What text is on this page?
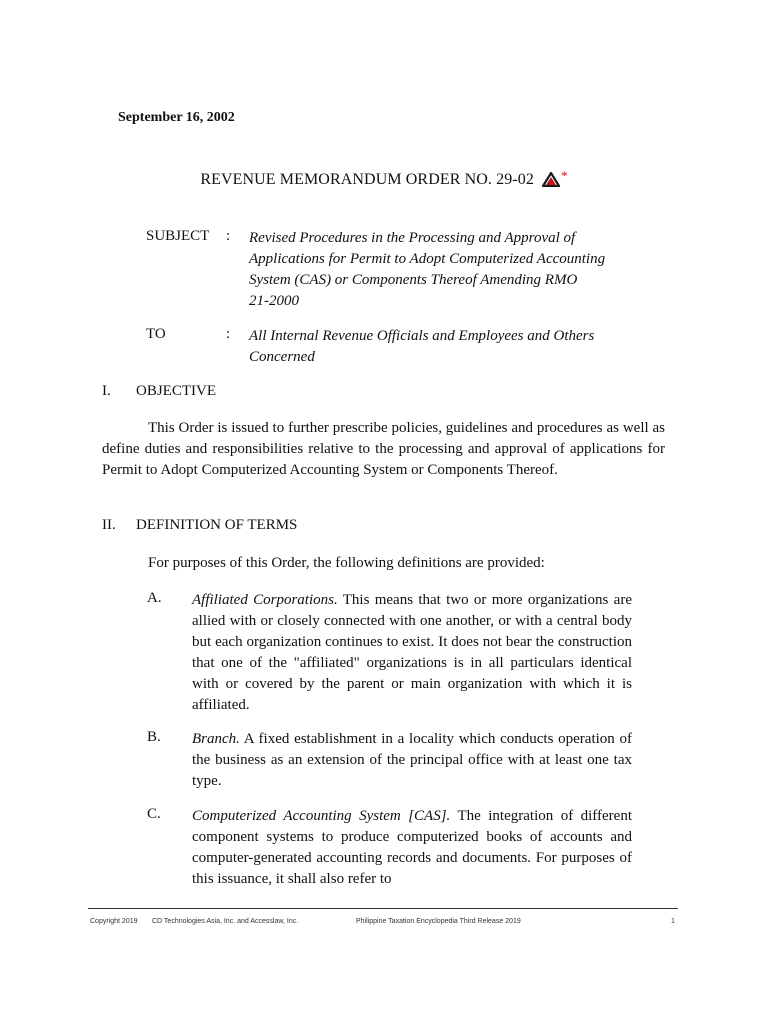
September 16, 2002
REVENUE MEMORANDUM ORDER NO. 29-02 *
SUBJECT : Revised Procedures in the Processing and Approval of
Applications for Permit to Adopt Computerized Accounting
System (CAS) or Components Thereof Amending RMO
21-2000
TO	: All Internal Revenue Officials and Employees and Others
Concerned
I. OBJECTIVE

This Order is issued to further prescribe policies, guidelines and procedures as well as define duties and responsibilities relative to the processing and approval of applications for Permit to Adopt Computerized Accounting System or Components Thereof.

II. DEFINITION OF TERMS
For purposes of this Order, the following definitions are provided:
A. Affiliated Corporations. This means that two or more organizations are allied with or closely connected with one another, or with a central body but each organization continues to exist. It does not bear the construction that one of the "affiliated" organizations is in all particulars identical with or covered by the parent or main organization with which it is affiliated.
B. Branch. A fixed establishment in a locality which conducts operation of the business as an extension of the principal office with at least one tax type.
C. Computerized Accounting System [CAS]. The integration of different component systems to produce computerized books of accounts and computer-generated accounting records and documents. For purposes of this issuance, it shall also refer to
Copyright 2019 CD Technologies Asia, Inc. and Accesslaw, Inc.	Philippine Taxation Encyclopedia Third Release 2019	1
